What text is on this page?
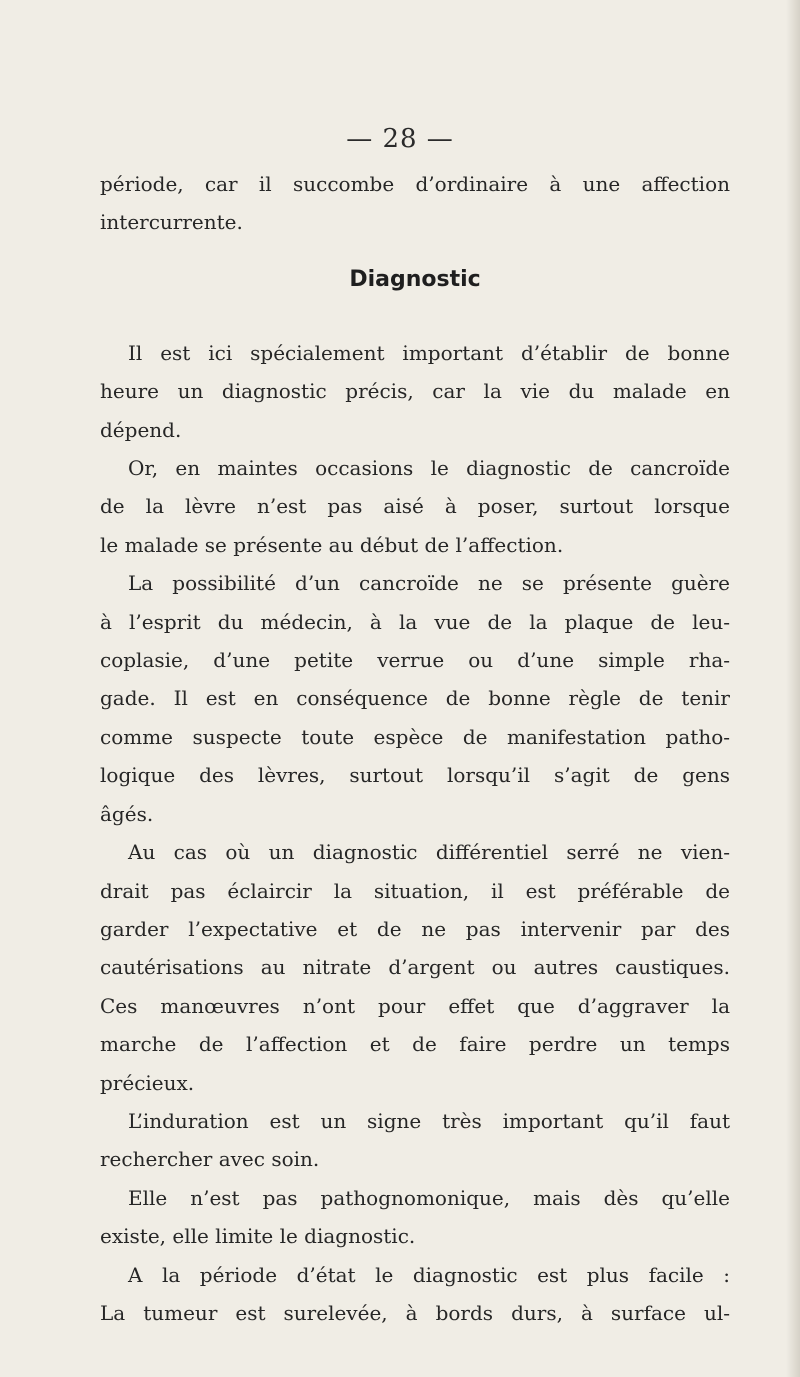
— 28 —
période, car il succombe d’ordinaire à une affection
intercurrente.
Diagnostic
Il est ici spécialement important d’établir de bonne
heure un diagnostic précis, car la vie du malade en
dépend.
Or, en maintes occasions le diagnostic de cancroïde
de la lèvre n’est pas aisé à poser, surtout lorsque
le malade se présente au début de l’affection.
La possibilité d’un cancroïde ne se présente guère
à l’esprit du médecin, à la vue de la plaque de leu-
coplasie, d’une petite verrue ou d’une simple rha-
gade. Il est en conséquence de bonne règle de tenir
comme suspecte toute espèce de manifestation patho-
logique des lèvres, surtout lorsqu’il s’agit de gens
âgés.
Au cas où un diagnostic différentiel serré ne vien-
drait pas éclaircir la situation, il est préférable de
garder l’expectative et de ne pas intervenir par des
cautérisations au nitrate d’argent ou autres caustiques.
Ces manœuvres n’ont pour effet que d’aggraver la
marche de l’affection et de faire perdre un temps
précieux.
L’induration est un signe très important qu’il faut
rechercher avec soin.
Elle n’est pas pathognomonique, mais dès qu’elle
existe, elle limite le diagnostic.
A la période d’état le diagnostic est plus facile :
La tumeur est surelevée, à bords durs, à surface ul-
